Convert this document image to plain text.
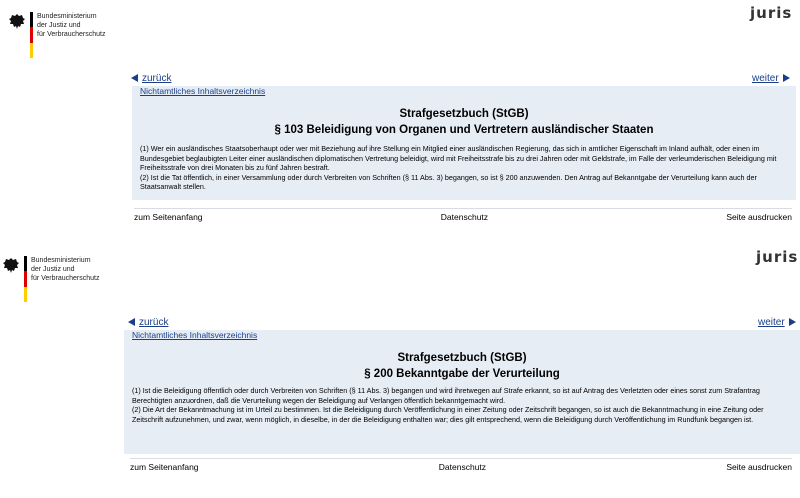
Bundesministerium
der Justiz und
für Verbraucherschutz
juris
zurück	weiter
Nichtamtliches Inhaltsverzeichnis
Strafgesetzbuch (StGB)
§ 103 Beleidigung von Organen und Vertretern ausländischer Staaten

(1) Wer ein ausländisches Staatsoberhaupt oder wer mit Beziehung auf ihre Stellung ein Mitglied einer ausländischen Regierung, das sich in amtlicher Eigenschaft im Inland aufhält, oder einen im Bundesgebiet beglaubigten Leiter einer ausländischen diplomatischen Vertretung beleidigt, wird mit Freiheitsstrafe bis zu drei Jahren oder mit Geldstrafe, im Falle der verleumderischen Beleidigung mit Freiheitsstrafe von drei Monaten bis zu fünf Jahren bestraft.

(2) Ist die Tat öffentlich, in einer Versammlung oder durch Verbreiten von Schriften (§ 11 Abs. 3) begangen, so ist § 200 anzuwenden. Den Antrag auf Bekanntgabe der Verurteilung kann auch der Staatsanwalt stellen.

zum Seitenanfang	Datenschutz	Seite ausdrucken
Bundesministerium
der Justiz und
für Verbraucherschutz
juris
zurück	weiter
Nichtamtliches Inhaltsverzeichnis
Strafgesetzbuch (StGB)
§ 200 Bekanntgabe der Verurteilung

(1) Ist die Beleidigung öffentlich oder durch Verbreiten von Schriften (§ 11 Abs. 3) begangen und wird ihretwegen auf Strafe erkannt, so ist auf Antrag des Verletzten oder eines sonst zum Strafantrag Berechtigten anzuordnen, daß die Verurteilung wegen der Beleidigung auf Verlangen öffentlich bekanntgemacht wird.

(2) Die Art der Bekanntmachung ist im Urteil zu bestimmen. Ist die Beleidigung durch Veröffentlichung in einer Zeitung oder Zeitschrift begangen, so ist auch die Bekanntmachung in eine Zeitung oder Zeitschrift aufzunehmen, und zwar, wenn möglich, in dieselbe, in der die Beleidigung enthalten war; dies gilt entsprechend, wenn die Beleidigung durch Veröffentlichung im Rundfunk begangen ist.

zum Seitenanfang	Datenschutz	Seite ausdrucken
